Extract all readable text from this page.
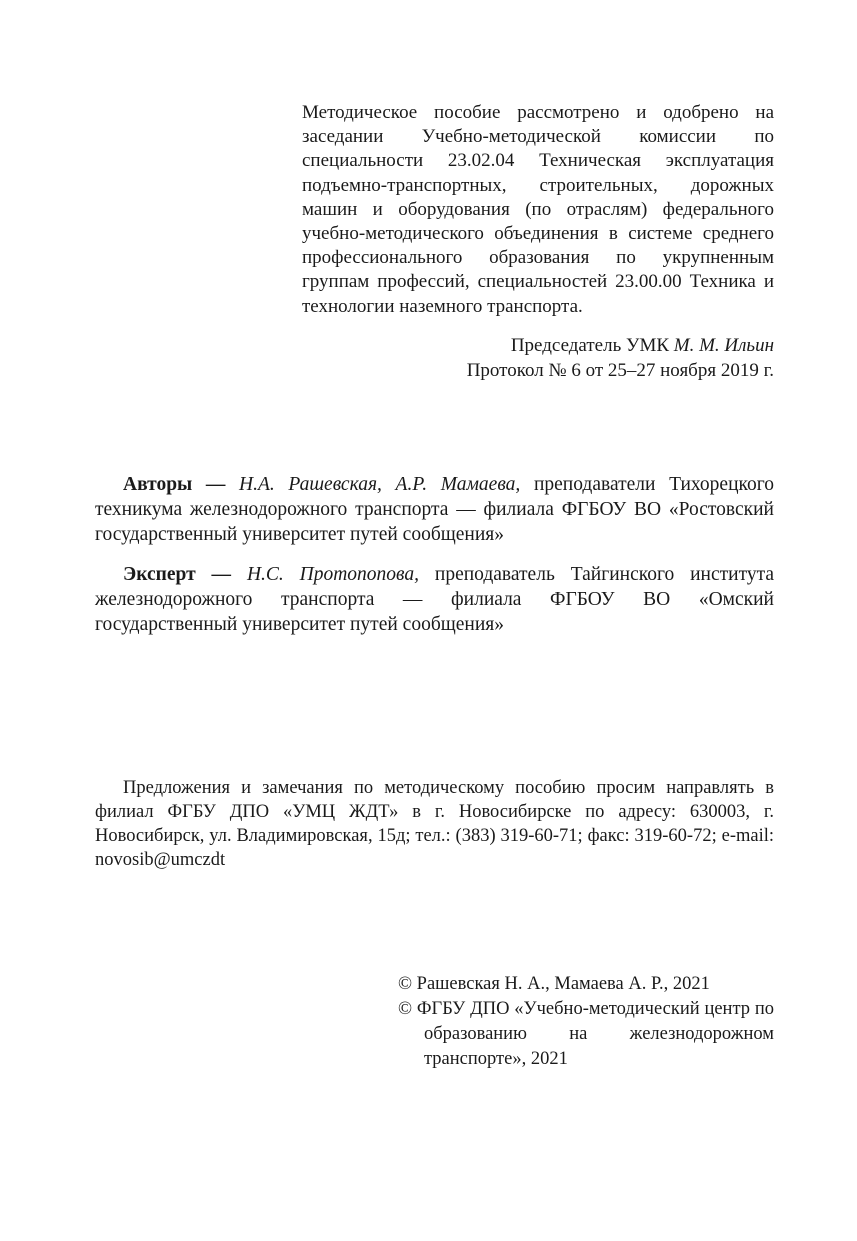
Методическое пособие рассмотрено и одобрено на заседании Учебно-методической комиссии по специальности 23.02.04 Техническая эксплуатация подъемно-транспортных, строительных, дорожных машин и оборудования (по отраслям) федерального учебно-методического объединения в системе среднего профессионального образования по укрупненным группам профессий, специальностей 23.00.00 Техника и технологии наземного транспорта.

Председатель УМК М. М. Ильин
Протокол № 6 от 25–27 ноября 2019 г.

Авторы — Н.А. Рашевская, А.Р. Мамаева, преподаватели Тихорецкого техникума железнодорожного транспорта — филиала ФГБОУ ВО «Ростовский государственный университет путей сообщения»

Эксперт — Н.С. Протопопова, преподаватель Тайгинского института железнодорожного транспорта — филиала ФГБОУ ВО «Омский государственный университет путей сообщения»

Предложения и замечания по методическому пособию просим направлять в филиал ФГБУ ДПО «УМЦ ЖДТ» в г. Новосибирске по адресу: 630003, г. Новосибирск, ул. Владимировская, 15д; тел.: (383) 319-60-71; факс: 319-60-72; e-mail: novosib@umczdt

© Рашевская Н. А., Мамаева А. Р., 2021
© ФГБУ ДПО «Учебно-методический центр по образованию на железнодорожном транспорте», 2021
